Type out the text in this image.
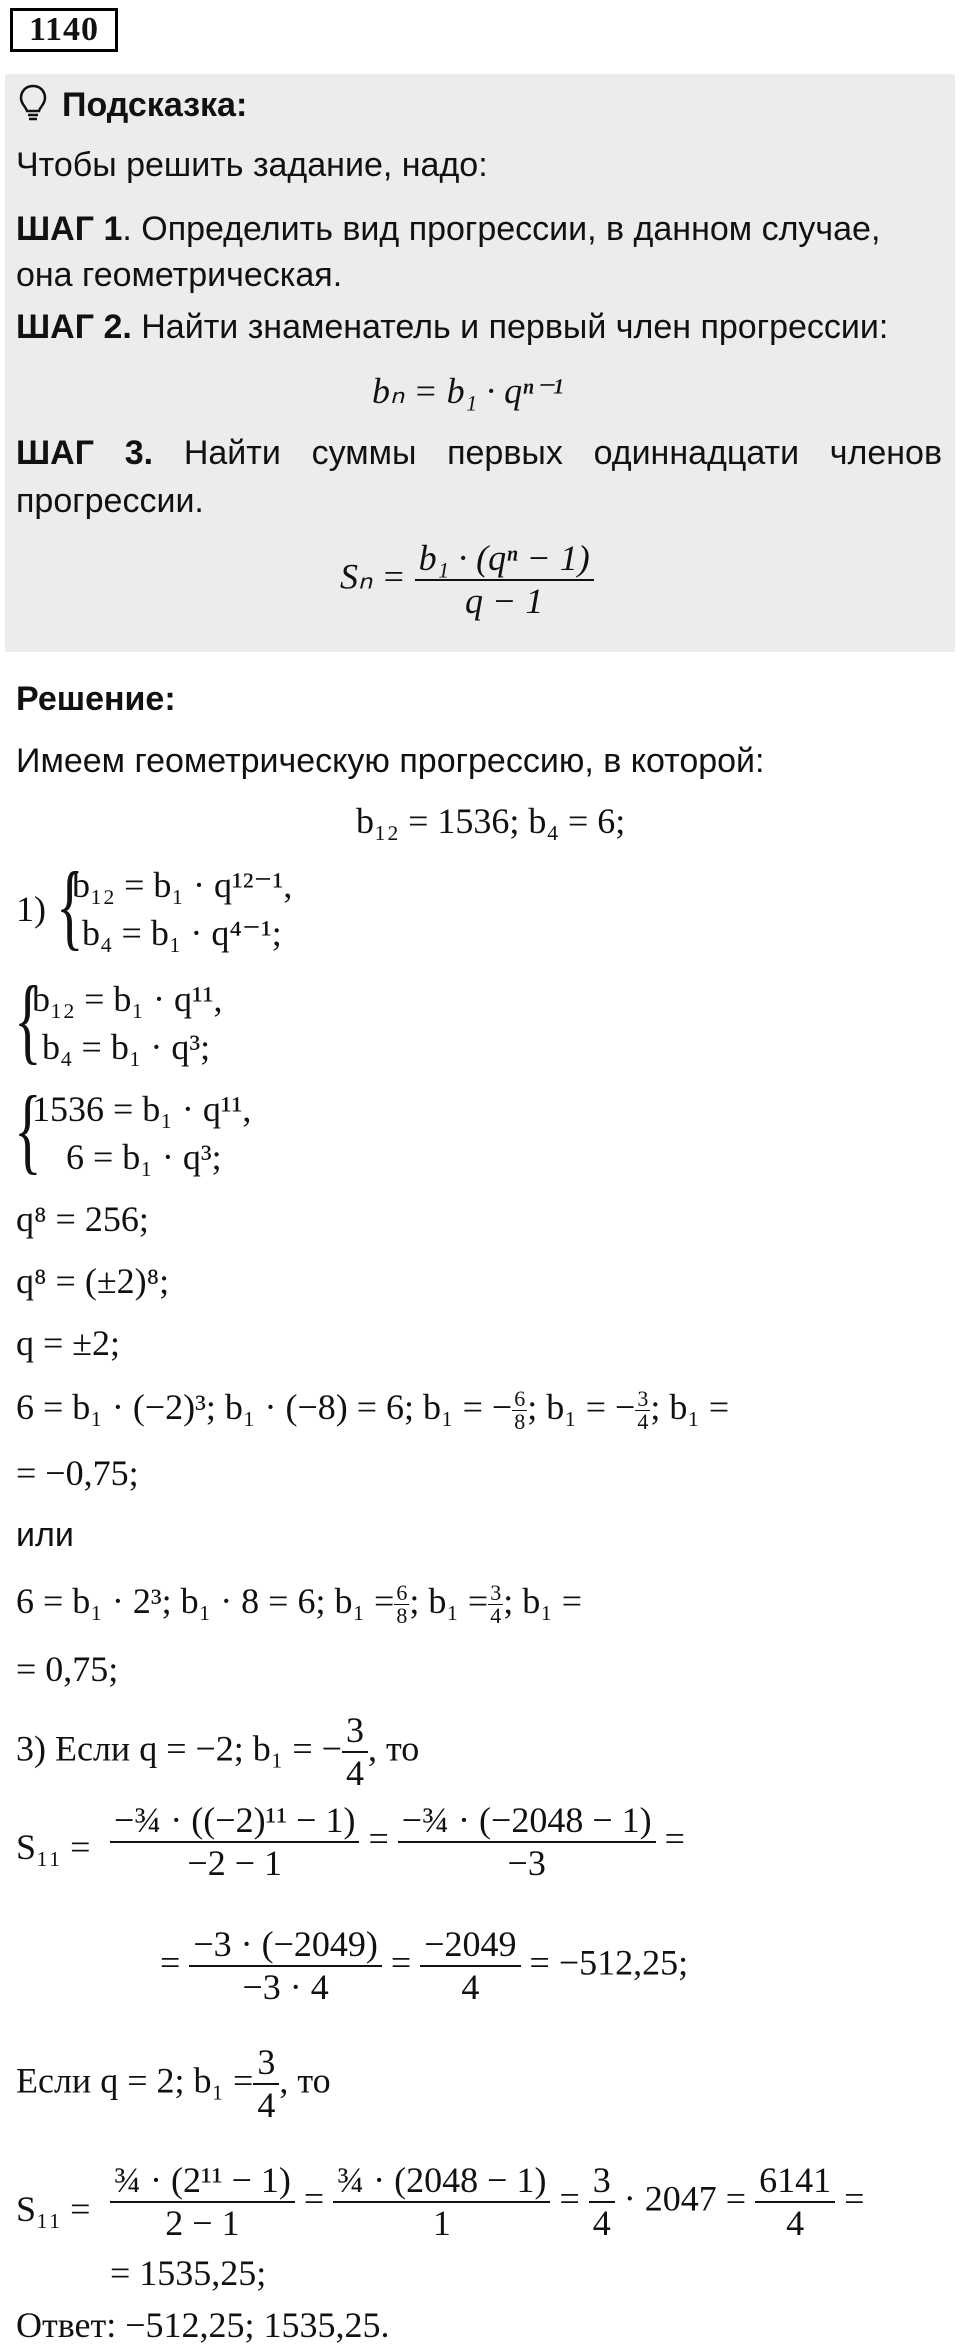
1140
Подсказка:
Чтобы решить задание, надо:
ШАГ 1. Определить вид прогрессии, в данном случае, она геометрическая.
ШАГ 2. Найти знаменатель и первый член прогрессии:
bₙ = b₁ · qⁿ⁻¹
ШАГ 3. Найти суммы первых одиннадцати членов
прогрессии.
$S_n = \frac{\text{b₁ · (qⁿ − 1)}}{q - 1}$
Решение:
Имеем геометрическую прогрессию, в которой:
b₁₂ = 1536; b₄ = 6;
1) {
b₁₂ = b₁ · q¹²⁻¹,
b₄ = b₁ · q⁴⁻¹;
{
b₁₂ = b₁ · q¹¹,
b₄ = b₁ · q³;
{
1536 = b₁ · q¹¹,
6 = b₁ · q³;
q⁸ = 256;
q⁸ = (±2)⁸;
q = ±2;
6 = b₁ · (−2)³; b₁ · (−8) = 6; b₁ = − $\frac{6}{8}$ ; b₁ = − $\frac{3}{4}$ ; b₁ =
= −0,75;
или
6 = b₁ · 2³; b₁ · 8 = 6; $b_1 = \frac{6}{8}$ ; $b_1 = \frac{3}{4}$ ; b₁ =
= 0,75;
3) Если q = −2; b₁ = − $\frac{3}{4}$ , то
$S_{11} = \frac{\text{−¾ · ((−2)¹¹ − 1)}}{-2 - 1} = \frac{\text{−¾ · (−2048 − 1)}}{-3}$ =
= $\frac{-3 \cdot (-2049)}{-3 \cdot 4} = \frac{-2049}{4} = -512,25$;
Если q = 2; $b_1 = \frac{3}{4}$ , то
$S_{11} = \frac{\text{¾ · (2¹¹ − 1)}}{2 - 1} = \frac{\text{¾ · (2048 − 1)}}{1} = \frac{3}{4} \cdot 2047 = \frac{6141}{4}$ =
= 1535,25;
Ответ: −512,25; 1535,25.
